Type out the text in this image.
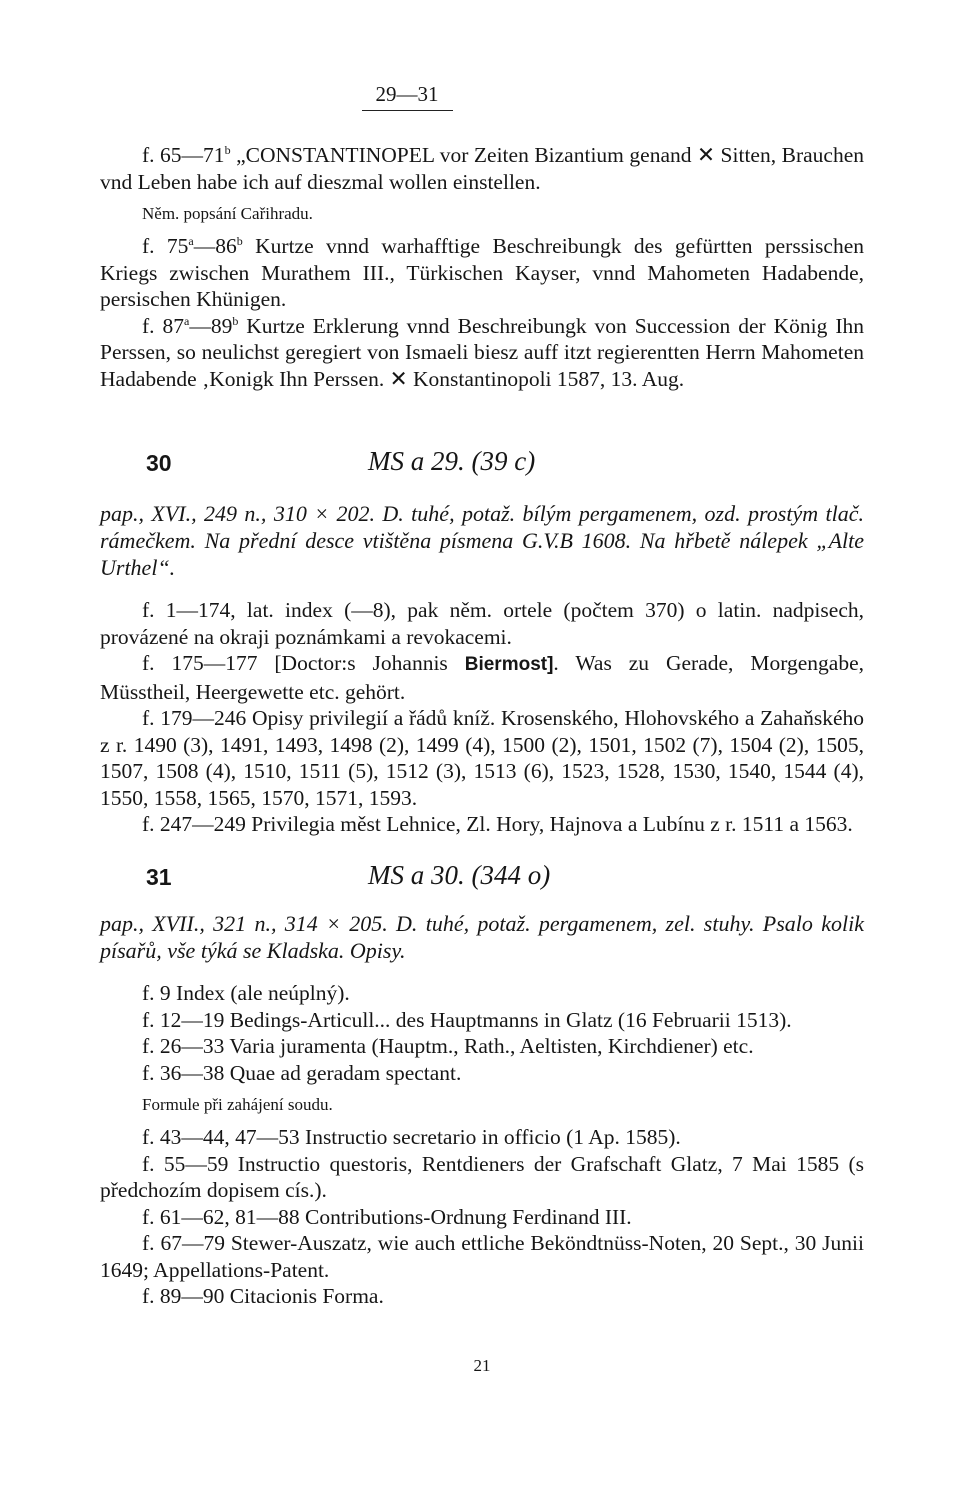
29—31

f. 65—71$^b$ „CONSTANTINOPEL vor Zeiten Bizantium genand ✕ Sitten, Brauchen vnd Leben habe ich auf dieszmal wollen einstellen.

Něm. popsání Cařihradu.

f. 75$^a$—86$^b$ Kurtze vnnd warhafftige Beschreibungk des gefürtten perssischen Kriegs zwischen Murathem III., Türkischen Kayser, vnnd Mahometen Hadabende, persischen Khünigen.

f. 87$^a$—89$^b$ Kurtze Erklerung vnnd Beschreibungk von Succession der König Ihn Perssen, so neulichst geregiert von Ismaeli biesz auff itzt regierentten Herrn Mahometen Hadabende ‚Konigk Ihn Perssen. ✕ Konstantinopoli 1587, 13. Aug.

30	MS a 29. (39 c)

pap., XVI., 249 n., 310 × 202. D. tuhé, potaž. bílým pergamenem, ozd. prostým tlač. rámečkem. Na přední desce vtištěna písmena G.V.B 1608. Na hřbetě nálepek „Alte Urthel“.

f. 1—174, lat. index (—8), pak něm. ortele (počtem 370) o latin. nadpisech, provázené na okraji poznámkami a revokacemi.

f. 175—177 [Doctor:s Johannis Biermost]. Was zu Gerade, Morgengabe, Müsstheil, Heergewette etc. gehört.

f. 179—246 Opisy privilegií a řádů kníž. Krosenského, Hlohovského a Zahaňského z r. 1490 (3), 1491, 1493, 1498 (2), 1499 (4), 1500 (2), 1501, 1502 (7), 1504 (2), 1505, 1507, 1508 (4), 1510, 1511 (5), 1512 (3), 1513 (6), 1523, 1528, 1530, 1540, 1544 (4), 1550, 1558, 1565, 1570, 1571, 1593.

f. 247—249 Privilegia měst Lehnice, Zl. Hory, Hajnova a Lubínu z r. 1511 a 1563.

31	MS a 30. (344 o)

pap., XVII., 321 n., 314 × 205. D. tuhé, potaž. pergamenem, zel. stuhy. Psalo kolik písařů, vše týká se Kladska. Opisy.

f. 9 Index (ale neúplný).

f. 12—19 Bedings-Articull... des Hauptmanns in Glatz (16 Februarii 1513).

f. 26—33 Varia juramenta (Hauptm., Rath., Aeltisten, Kirchdiener) etc.

f. 36—38 Quae ad geradam spectant.

Formule při zahájení soudu.

f. 43—44, 47—53 Instructio secretario in officio (1 Ap. 1585).

f. 55—59 Instructio questoris, Rentdieners der Grafschaft Glatz, 7 Mai 1585 (s předchozím dopisem cís.).

f. 61—62, 81—88 Contributions-Ordnung Ferdinand III.

f. 67—79 Stewer-Auszatz, wie auch ettliche Beköndtnüss-Noten, 20 Sept., 30 Junii 1649; Appellations-Patent.

f. 89—90 Citacionis Forma.

21
